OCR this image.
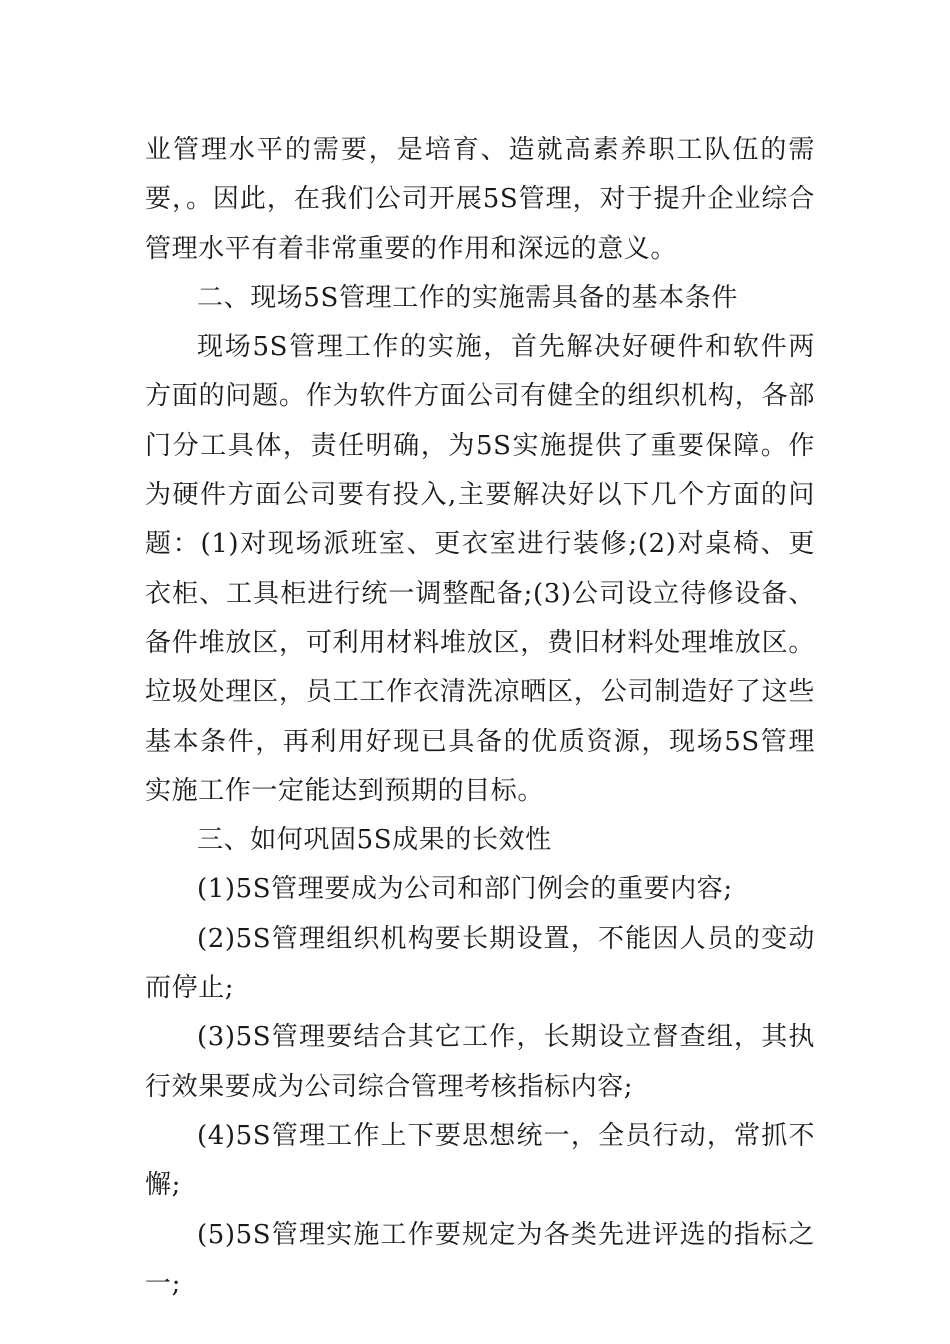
业管理水平的需要，是培育、造就高素养职工队伍的需要，。因此，在我们公司开展5S管理，对于提升企业综合管理水平有着非常重要的作用和深远的意义。

二、现场5S管理工作的实施需具备的基本条件

现场5S管理工作的实施，首先解决好硬件和软件两方面的问题。作为软件方面公司有健全的组织机构，各部门分工具体，责任明确，为5S实施提供了重要保障。作为硬件方面公司要有投入,主要解决好以下几个方面的问题：(1)对现场派班室、更衣室进行装修;(2)对桌椅、更衣柜、工具柜进行统一调整配备;(3)公司设立待修设备、备件堆放区，可利用材料堆放区，费旧材料处理堆放区。垃圾处理区，员工工作衣清洗凉晒区，公司制造好了这些基本条件，再利用好现已具备的优质资源，现场5S管理实施工作一定能达到预期的目标。

三、如何巩固5S成果的长效性

(1)5S管理要成为公司和部门例会的重要内容;

(2)5S管理组织机构要长期设置，不能因人员的变动而停止;

(3)5S管理要结合其它工作，长期设立督查组，其执行效果要成为公司综合管理考核指标内容;

(4)5S管理工作上下要思想统一，全员行动，常抓不懈;

(5)5S管理实施工作要规定为各类先进评选的指标之一;
